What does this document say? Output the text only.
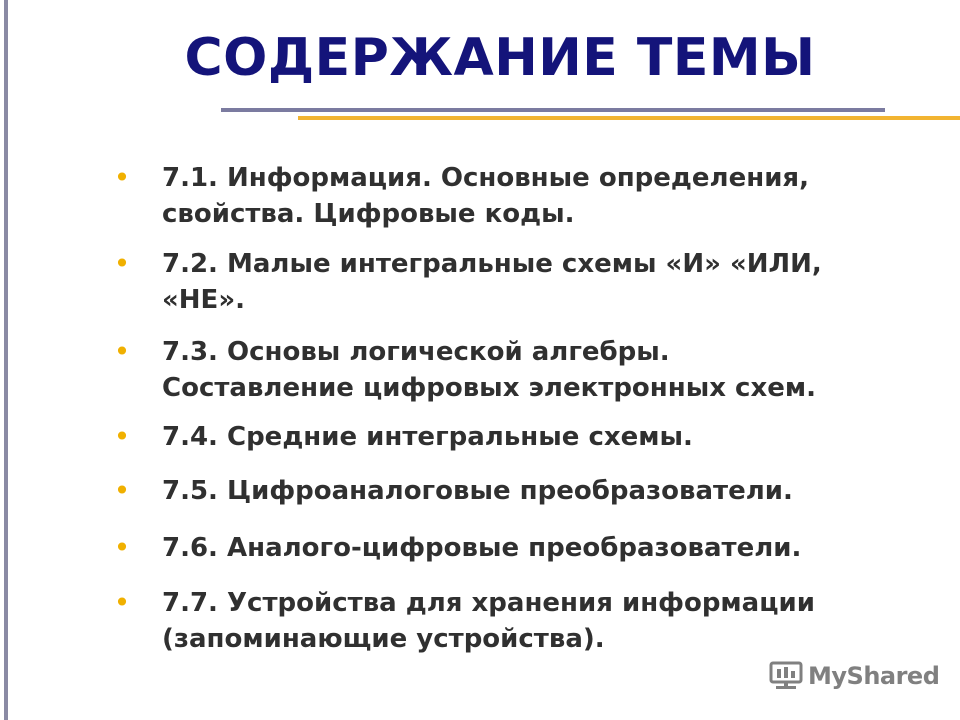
СОДЕРЖАНИЕ ТЕМЫ
•	7.1. Информация. Основные определения,
свойства. Цифровые коды.
•	7.2. Малые интегральные схемы «И» «ИЛИ,
«НЕ».
•	7.3. Основы логической алгебры.
Составление цифровых электронных схем.
•	7.4. Средние интегральные схемы.
•	7.5. Цифроаналоговые преобразователи.
•	7.6. Аналого-цифровые преобразователи.
•	7.7. Устройства для хранения информации
(запоминающие устройства).
MyShared
